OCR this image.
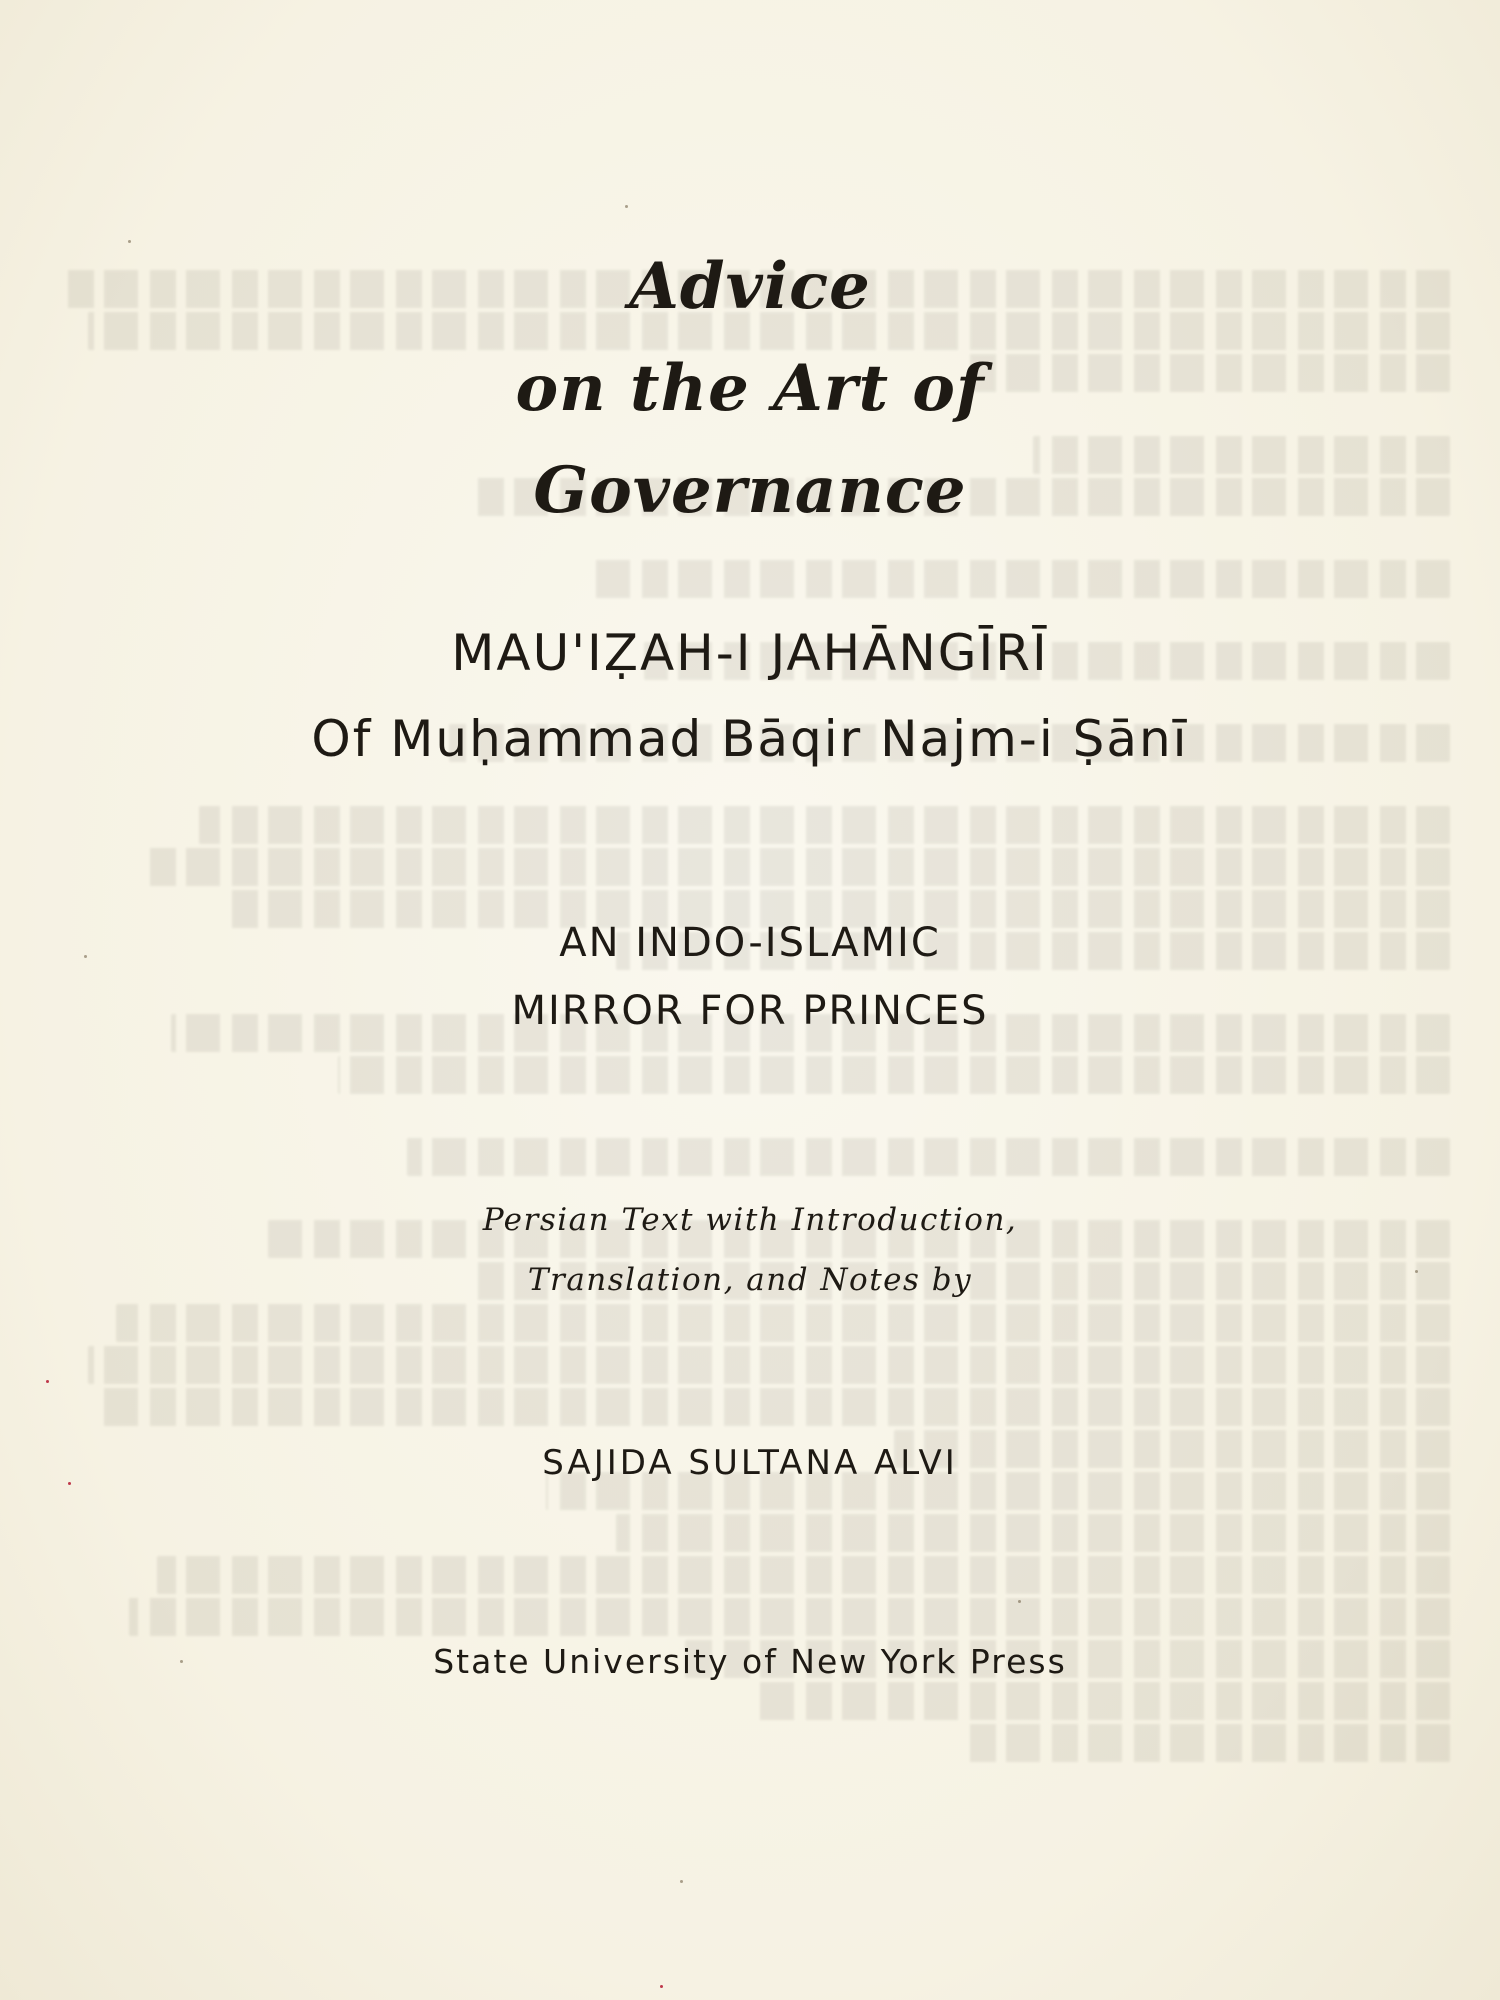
Advice
on the Art of
Governance
MAU'IẒAH-I JAHĀNGĪRĪ
Of Muḥammad Bāqir Najm-i Ṣānī
AN INDO-ISLAMIC
MIRROR FOR PRINCES
Persian Text with Introduction,
Translation, and Notes by
SAJIDA SULTANA ALVI
State University of New York Press
